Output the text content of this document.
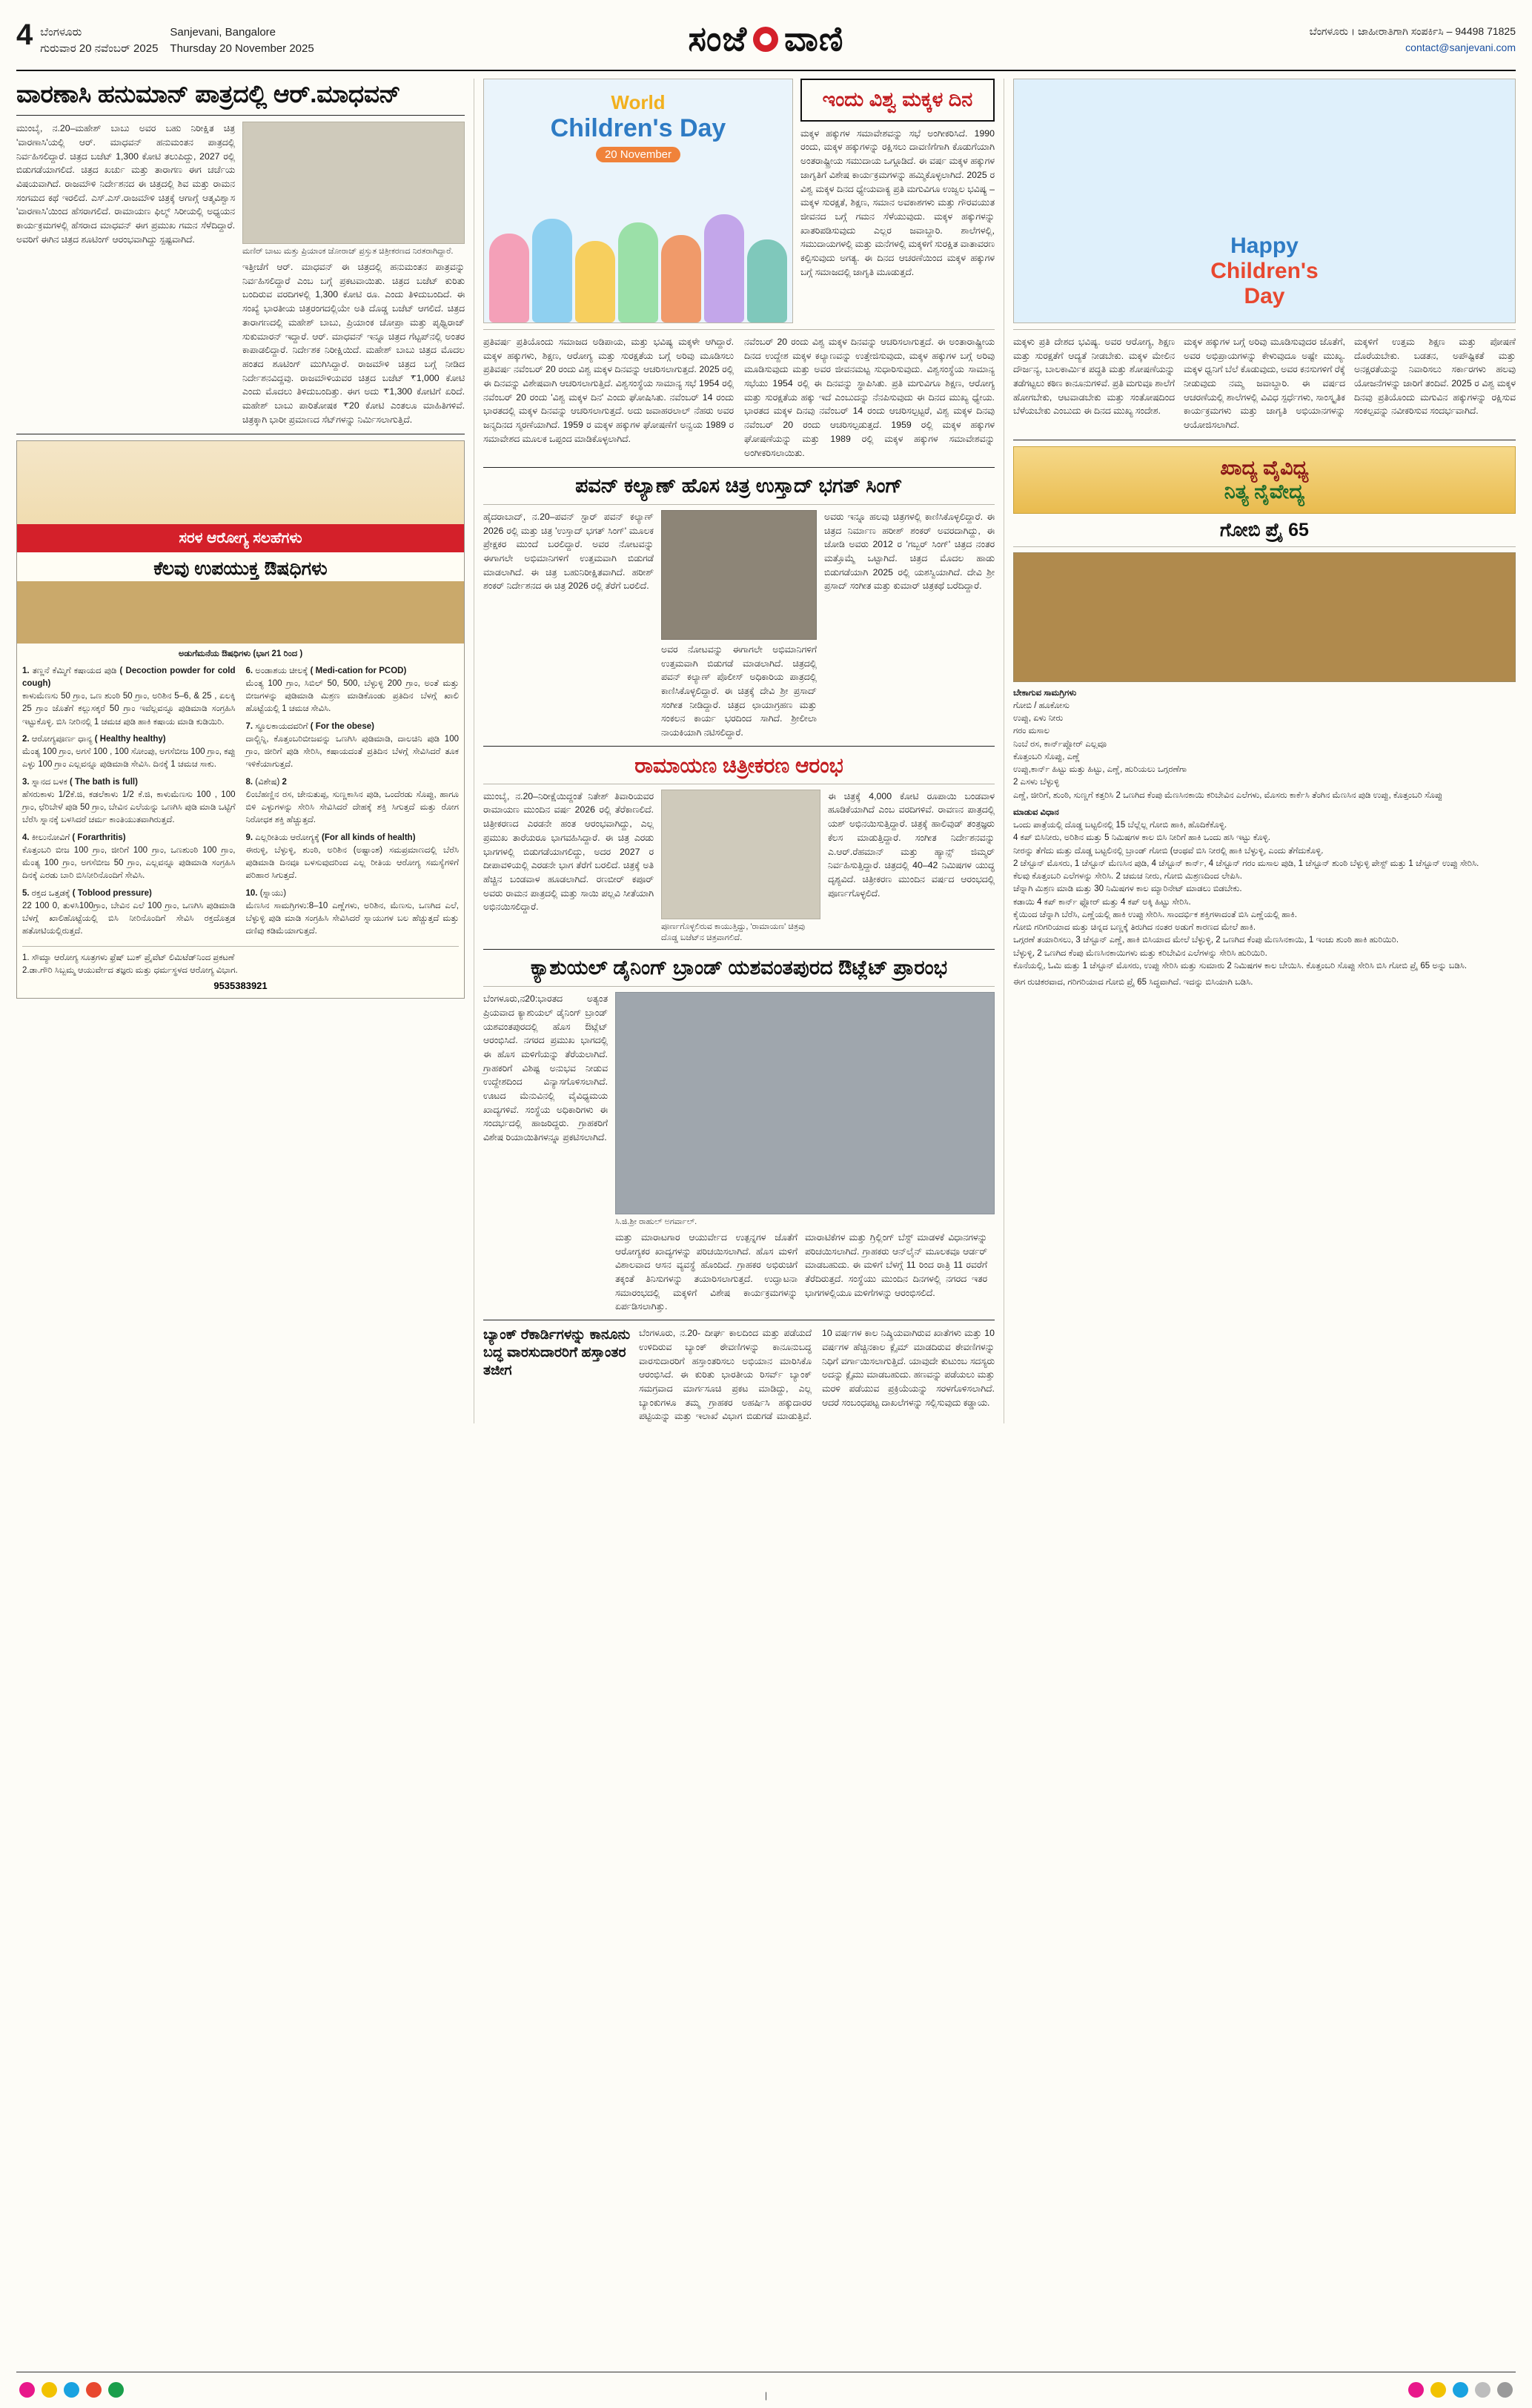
4 ಬೆಂಗಳೂರು
ಗುರುವಾರ 20 ನವೆಂಬರ್ 2025
Sanjevani, Bangalore
Thursday 20 November 2025	ಸಂಜೆ ವಾಣಿ	ಬೆಂಗಳೂರು । ಜಾಹೀರಾತಿಗಾಗಿ ಸಂಪರ್ಕಿಸಿ – 94498 71825
contact@sanjevani.com
ವಾರಣಾಸಿ ಹನುಮಾನ್ ಪಾತ್ರದಲ್ಲಿ ಆರ್.ಮಾಧವನ್
ಮುಂಬೈ, ನ.20–ಮಹೇಶ್ ಬಾಬು ಅವರ ಬಹು ನಿರೀಕ್ಷಿತ ಚಿತ್ರ 'ವಾರಣಾಸಿ'ಯಲ್ಲಿ ಆರ್. ಮಾಧವನ್ ಹನುಮಂತನ ಪಾತ್ರದಲ್ಲಿ ನಿರ್ವಹಿಸಲಿದ್ದಾರೆ. ಚಿತ್ರದ ಬಜೆಟ್ 1,300 ಕೋಟಿ ತಲುಪಿದ್ದು, 2027 ರಲ್ಲಿ ಬಿಡುಗಡೆಯಾಗಲಿದೆ. ಚಿತ್ರದ ಖರ್ಚು ಮತ್ತು ತಾರಾಗಣ ಈಗ ಚರ್ಚೆಯ ವಿಷಯವಾಗಿದೆ. ರಾಜಮೌಳಿ ನಿರ್ದೇಶನದ ಈ ಚಿತ್ರದಲ್ಲಿ ಶಿವ ಮತ್ತು ರಾಮನ ಸಂಗಮದ ಕಥೆ ಇರಲಿದೆ. ಎಸ್.ಎಸ್.ರಾಜಮೌಳಿ ಚಿತ್ರಕ್ಕೆ ಆಗಾಗ್ಗೆ ಆತ್ಮವಿಶ್ವಾಸ 'ವಾರಣಾಸಿ'ಯಿಂದ ಹೆಸರಾಗಲಿದೆ. ರಾಮಾಯಣ ಫಿಲ್ಮ್ ಸಿರೀಯಲ್ಲಿ ಅಧ್ಯಯನ ಕಾರ್ಯಕ್ರಮಗಳಲ್ಲಿ ಹೆಸರಾದ ಮಾಧವನ್ ಈಗ ಪ್ರಮುಖ ಗಮನ ಸೆಳೆದಿದ್ದಾರೆ. ಅವರಿಗೆ ಈಗಿನ ಚಿತ್ರದ ಶೂಟಿಂಗ್ ಆರಂಭವಾಗಿದ್ದು ಸ್ಪಷ್ಟವಾಗಿದೆ.
ಮಣಿರ್ ಬಾಟು ಮತ್ತು ಪ್ರಿಯಾಂಕ ಜೋರಾಜ್ ಪ್ರಸ್ತುತ ಚಿತ್ರೀಕರಣದ ನಿರತರಾಗಿದ್ದಾರೆ.
ಇತ್ತೀಚೆಗೆ ಆರ್. ಮಾಧವನ್ ಈ ಚಿತ್ರದಲ್ಲಿ ಹನುಮಂತನ ಪಾತ್ರವನ್ನು ನಿರ್ವಹಿಸಲಿದ್ದಾರೆ ಎಂಬ ಬಗ್ಗೆ ಪ್ರಕಟವಾಯಿತು. ಚಿತ್ರದ ಬಜೆಟ್ ಕುರಿತು ಬಂದಿರುವ ವರದಿಗಳಲ್ಲಿ 1,300 ಕೋಟಿ ರೂ. ಎಂದು ತಿಳಿದುಬಂದಿದೆ. ಈ ಸಂಖ್ಯೆ ಭಾರತೀಯ ಚಿತ್ರರಂಗದಲ್ಲಿಯೇ ಅತಿ ದೊಡ್ಡ ಬಜೆಟ್ ಆಗಲಿದೆ. ಚಿತ್ರದ ತಾರಾಗಣದಲ್ಲಿ ಮಹೇಶ್ ಬಾಬು, ಪ್ರಿಯಾಂಕ ಚೋಪ್ರಾ ಮತ್ತು ಪೃಥ್ವಿರಾಜ್ ಸುಕುಮಾರನ್ ಇದ್ದಾರೆ. ಆರ್. ಮಾಧವನ್ ಇನ್ನೂ ಚಿತ್ರದ ಗೆಟ್ಟಪ್‌ನಲ್ಲಿ ಅಂತರ ಕಾಪಾಡಲಿದ್ದಾರೆ. ನಿರ್ದೇಶಕ ನಿರೀಕ್ಷಿಯಿದೆ. ಮಹೇಶ್ ಬಾಬು ಚಿತ್ರದ ಮೊದಲ ಹಂತದ ಶೂಟಿಂಗ್ ಮುಗಿಸಿದ್ದಾರೆ. ರಾಜಮೌಳಿ ಚಿತ್ರದ ಬಗ್ಗೆ ನೀಡಿದ ನಿರ್ದೇಶನವಿದ್ದವು. ರಾಜಮೌಳಿಯವರ ಚಿತ್ರದ ಬಜೆಟ್ ₹1,000 ಕೋಟಿ ಎಂದು ಮೊದಲು ತಿಳಿದುಬಂದಿತ್ತು. ಈಗ ಅದು ₹1,300 ಕೋಟಿಗೆ ಏರಿದೆ. ಮಹೇಶ್ ಬಾಬು ಪಾರಿತೋಷಕ ₹20 ಕೋಟಿ ಎಂತಲೂ ಮಾಹಿತಿಗಳಿವೆ. ಚಿತ್ರಕ್ಕಾಗಿ ಭಾರೀ ಪ್ರಮಾಣದ ಸೆಟ್‌ಗಳನ್ನು ನಿರ್ಮಿಸಲಾಗುತ್ತಿದೆ.
ಸರಳ ಆರೋಗ್ಯ ಸಲಹೆಗಳು
ಕೆಲವು ಉಪಯುಕ್ತ ಔಷಧಿಗಳು
ಅಡುಗೆಮನೆಯ ಔಷಧಿಗಳು (ಭಾಗ 21 ರಿಂದ )
1. ತಣ್ಣನೆ ಕೆಮ್ಮಿಗೆ ಕಷಾಯದ ಪುಡಿ ( Decoction powder for cold cough)
ಕಾಳುಮೆಣಸು 50 ಗ್ರಾಂ, ಒಣ ಶುಂಠಿ 50 ಗ್ರಾಂ, ಅರಿಶಿನ 5–6, & 25 , ಏಲಕ್ಕಿ 25 ಗ್ರಾಂ ಜೊತೆಗೆ ಕಲ್ಲುಸಕ್ಕರೆ 50 ಗ್ರಾಂ ಇವೆಲ್ಲವನ್ನೂ ಪುಡಿಮಾಡಿ ಸಂಗ್ರಹಿಸಿ ಇಟ್ಟುಕೊಳ್ಳಿ. ಬಿಸಿ ನೀರಿನಲ್ಲಿ 1 ಚಮಚ ಪುಡಿ ಹಾಕಿ ಕಷಾಯ ಮಾಡಿ ಕುಡಿಯಿರಿ.
2. ಆರೋಗ್ಯಪೂರ್ಣ ಧಾನ್ಯ ( Healthy healthy)
ಮೆಂತ್ಯ 100 ಗ್ರಾಂ, ಅಗಸೆ 100 , 100 ಸೋಂಪು, ಅಗಸೆಬೀಜ 100 ಗ್ರಾಂ, ಕಪ್ಪು ಎಳ್ಳು 100 ಗ್ರಾಂ ಎಲ್ಲವನ್ನೂ ಪುಡಿಮಾಡಿ ಸೇವಿಸಿ. ದಿನಕ್ಕೆ 1 ಚಮಚ ಸಾಕು.
3. ಸ್ನಾನದ ಬಳಕ ( The bath is full)
ಹೆಸರುಕಾಳು 1/2ಕೆ.ಜಿ, ಕಡಲೆಕಾಳು 1/2 ಕೆ.ಜಿ, ಕಾಳುಮೆಣಸು 100 , 100 ಗ್ರಾಂ, ಛೆರಿಬೇಳೆ ಪುಡಿ 50 ಗ್ರಾಂ, ಬೇವಿನ ಎಲೆಯನ್ನು ಒಣಗಿಸಿ ಪುಡಿ ಮಾಡಿ ಒಟ್ಟಿಗೆ ಬೆರೆಸಿ ಸ್ನಾನಕ್ಕೆ ಬಳಸಿದರೆ ಚರ್ಮ ಕಾಂತಿಯುತವಾಗಿರುತ್ತದೆ.
4. ಕೀಲುನೋವಿಗೆ ( Forarthritis)
ಕೊತ್ತಂಬರಿ ಬೀಜ 100 ಗ್ರಾಂ, ಜೀರಿಗೆ 100 ಗ್ರಾಂ, ಒಣಶುಂಠಿ 100 ಗ್ರಾಂ, ಮೆಂತ್ಯ 100 ಗ್ರಾಂ, ಅಗಸೆಬೀಜ 50 ಗ್ರಾಂ, ಎಲ್ಲವನ್ನೂ ಪುಡಿಮಾಡಿ ಸಂಗ್ರಹಿಸಿ ದಿನಕ್ಕೆ ಎರಡು ಬಾರಿ ಬಿಸಿನೀರಿನೊಂದಿಗೆ ಸೇವಿಸಿ.
5. ರಕ್ತದ ಒತ್ತಡಕ್ಕೆ ( Toblood pressure)
22 100 0, ತುಳಸಿ100ಗ್ರಾಂ, ಬೇವಿನ ಎಲೆ 100 ಗ್ರಾಂ, ಒಣಗಿಸಿ ಪುಡಿಮಾಡಿ ಬೆಳಗ್ಗೆ ಖಾಲಿಹೊಟ್ಟೆಯಲ್ಲಿ ಬಿಸಿ ನೀರಿನೊಂದಿಗೆ ಸೇವಿಸಿ ರಕ್ತದೊತ್ತಡ ಹತೋಟಿಯಲ್ಲಿರುತ್ತದೆ.
6. ಅಂಡಾಶಯ ಚೀಲಕ್ಕೆ ( Medi-cation for PCOD)
ಮೆಂತ್ಯ 100 ಗ್ರಾಂ, ಸಿಬಿಲ್ 50, 500, ಬೆಳ್ಳುಳ್ಳಿ 200 ಗ್ರಾಂ, ಅಂತೆ ಮತ್ತು ಬೀಜಗಳನ್ನು ಪುಡಿಮಾಡಿ ಮಿಶ್ರಣ ಮಾಡಿಕೊಂಡು ಪ್ರತಿದಿನ ಬೆಳಗ್ಗೆ ಖಾಲಿ ಹೊಟ್ಟೆಯಲ್ಲಿ 1 ಚಮಚ ಸೇವಿಸಿ.
7. ಸ್ಥೂಲಕಾಯದವರಿಗೆ ( For the obese)
ದಾಲ್ಚಿನ್ನಿ, ಕೊತ್ತಂಬರಿಬೀಜವನ್ನು ಒಣಗಿಸಿ ಪುಡಿಮಾಡಿ, ದಾಲಚಿನಿ ಪುಡಿ 100 ಗ್ರಾಂ, ಜೀರಿಗೆ ಪುಡಿ ಸೇರಿಸಿ, ಕಷಾಯದಂತೆ ಪ್ರತಿದಿನ ಬೆಳಗ್ಗೆ ಸೇವಿಸಿದರೆ ತೂಕ ಇಳಿಕೆಯಾಗುತ್ತದೆ.
8. (ವಿಶೇಷ) 2
ಲಿಂಬೆಹಣ್ಣಿನ ರಸ, ಜೇನುತುಪ್ಪ, ಸುಣ್ಣಕಾಸಿನ ಪುಡಿ, ಒಂದೆರಡು ಸೊಪ್ಪು, ಹಾಗೂ ಬಿಳಿ ಎಳ್ಳುಗಳನ್ನು ಸೇರಿಸಿ ಸೇವಿಸಿದರೆ ದೇಹಕ್ಕೆ ಶಕ್ತಿ ಸಿಗುತ್ತದೆ ಮತ್ತು ರೋಗ ನಿರೋಧಕ ಶಕ್ತಿ ಹೆಚ್ಚುತ್ತದೆ.
9. ಎಲ್ಲರೀತಿಯ ಆರೋಗ್ಯಕ್ಕೆ (For all kinds of health)
ಈರುಳ್ಳಿ, ಬೆಳ್ಳುಳ್ಳಿ, ಶುಂಠಿ, ಅರಿಶಿನ (ಅಷ್ಟಾಂಶ) ಸಮಪ್ರಮಾಣದಲ್ಲಿ ಬೆರೆಸಿ ಪುಡಿಮಾಡಿ ದಿನವೂ ಬಳಸುವುದರಿಂದ ಎಲ್ಲ ರೀತಿಯ ಆರೋಗ್ಯ ಸಮಸ್ಯೆಗಳಿಗೆ ಪರಿಹಾರ ಸಿಗುತ್ತದೆ.
10. (ಸ್ನಾಯು)
ಮೆಣಸಿನ ಸಾಮಗ್ರಿಗಳು:8–10 ಎಣ್ಣೆಗಳು, ಅರಿಶಿನ, ಮೆಣಸು, ಒಣಗಿದ ಎಲೆ, ಬೆಳ್ಳುಳ್ಳಿ ಪುಡಿ ಮಾಡಿ ಸಂಗ್ರಹಿಸಿ ಸೇವಿಸಿದರೆ ಸ್ನಾಯುಗಳ ಬಲ ಹೆಚ್ಚುತ್ತದೆ ಮತ್ತು ದಣಿವು ಕಡಿಮೆಯಾಗುತ್ತದೆ.
1. ಸೌಮ್ಯಾ ಆರೋಗ್ಯ ಸೂತ್ರಗಳು ಫ್ರೆಷ್ ಬುಕ್ ಪ್ರೈವೆಟ್ ಲಿಮಿಟೆಡ್‌ನಿಂದ ಪ್ರಕಟಣೆ
2.ಡಾ.ಗೌರಿ ಸಿಬ್ಬಮ್ಮ ಆಯುರ್ವೇದ ತಜ್ಞರು ಮತ್ತು ಧರ್ಮಸ್ಥಳದ ಆರೋಗ್ಯ ವಿಭಾಗ.
9535383921
World
Children's Day
20 November
ಇಂದು ವಿಶ್ವ ಮಕ್ಕಳ ದಿನ
ಮಕ್ಕಳ ಹಕ್ಕುಗಳ ಸಮಾವೇಶವನ್ನು ಸಭೆ ಅಂಗೀಕರಿಸಿದೆ. 1990 ರಂದು, ಮಕ್ಕಳ ಹಕ್ಕುಗಳನ್ನು ರಕ್ಷಿಸಲು ದಾವಣಿಗೆಗಾಗಿ ಕೊಡುಗೆಯಾಗಿ ಅಂತರಾಷ್ಟ್ರೀಯ ಸಮುದಾಯ ಒಗ್ಗೂಡಿದೆ. ಈ ವರ್ಷ ಮಕ್ಕಳ ಹಕ್ಕುಗಳ ಜಾಗೃತಿಗೆ ವಿಶೇಷ ಕಾರ್ಯಕ್ರಮಗಳನ್ನು ಹಮ್ಮಿಕೊಳ್ಳಲಾಗಿದೆ. 2025 ರ ವಿಶ್ವ ಮಕ್ಕಳ ದಿನದ ಧ್ಯೇಯವಾಕ್ಯ ಪ್ರತಿ ಮಗುವಿಗೂ ಉಜ್ವಲ ಭವಿಷ್ಯ – ಮಕ್ಕಳ ಸುರಕ್ಷತೆ, ಶಿಕ್ಷಣ, ಸಮಾನ ಅವಕಾಶಗಳು ಮತ್ತು ಗೌರವಯುತ ಜೀವನದ ಬಗ್ಗೆ ಗಮನ ಸೆಳೆಯುವುದು. ಮಕ್ಕಳ ಹಕ್ಕುಗಳನ್ನು ಖಾತರಿಪಡಿಸುವುದು ಎಲ್ಲರ ಜವಾಬ್ದಾರಿ. ಶಾಲೆಗಳಲ್ಲಿ, ಸಮುದಾಯಗಳಲ್ಲಿ ಮತ್ತು ಮನೆಗಳಲ್ಲಿ ಮಕ್ಕಳಿಗೆ ಸುರಕ್ಷಿತ ವಾತಾವರಣ ಕಲ್ಪಿಸುವುದು ಅಗತ್ಯ. ಈ ದಿನದ ಆಚರಣೆಯಿಂದ ಮಕ್ಕಳ ಹಕ್ಕುಗಳ ಬಗ್ಗೆ ಸಮಾಜದಲ್ಲಿ ಜಾಗೃತಿ ಮೂಡುತ್ತದೆ.
ಪ್ರತಿವರ್ಷ ಪ್ರತಿಯೊಂದು ಸಮಾಜದ ಅಡಿಪಾಯ, ಮತ್ತು ಭವಿಷ್ಯ ಮಕ್ಕಳೇ ಆಗಿದ್ದಾರೆ. ಮಕ್ಕಳ ಹಕ್ಕುಗಳು, ಶಿಕ್ಷಣ, ಆರೋಗ್ಯ ಮತ್ತು ಸುರಕ್ಷತೆಯ ಬಗ್ಗೆ ಅರಿವು ಮೂಡಿಸಲು ಪ್ರತಿವರ್ಷ ನವೆಂಬರ್ 20 ರಂದು ವಿಶ್ವ ಮಕ್ಕಳ ದಿನವನ್ನು ಆಚರಿಸಲಾಗುತ್ತದೆ. 2025 ರಲ್ಲಿ ಈ ದಿನವನ್ನು ವಿಶೇಷವಾಗಿ ಆಚರಿಸಲಾಗುತ್ತಿದೆ. ವಿಶ್ವಸಂಸ್ಥೆಯ ಸಾಮಾನ್ಯ ಸಭೆ 1954 ರಲ್ಲಿ ನವೆಂಬರ್ 20 ರಂದು 'ವಿಶ್ವ ಮಕ್ಕಳ ದಿನ' ಎಂದು ಘೋಷಿಸಿತು. ನವೆಂಬರ್ 14 ರಂದು ಭಾರತದಲ್ಲಿ ಮಕ್ಕಳ ದಿನವನ್ನು ಆಚರಿಸಲಾಗುತ್ತದೆ. ಅದು ಜವಾಹರಲಾಲ್ ನೆಹರು ಅವರ ಜನ್ಮದಿನದ ಸ್ಮರಣೆಯಾಗಿದೆ. 1959 ರ ಮಕ್ಕಳ ಹಕ್ಕುಗಳ ಘೋಷಣೆಗೆ ಅನ್ವಯ 1989 ರ ಸಮಾವೇಶದ ಮೂಲಕ ಒಪ್ಪಂದ ಮಾಡಿಕೊಳ್ಳಲಾಗಿದೆ.
ನವೆಂಬರ್ 20 ರಂದು ವಿಶ್ವ ಮಕ್ಕಳ ದಿನವನ್ನು ಆಚರಿಸಲಾಗುತ್ತದೆ. ಈ ಅಂತಾರಾಷ್ಟ್ರೀಯ ದಿನದ ಉದ್ದೇಶ ಮಕ್ಕಳ ಕಲ್ಯಾಣವನ್ನು ಉತ್ತೇಜಿಸುವುದು, ಮಕ್ಕಳ ಹಕ್ಕುಗಳ ಬಗ್ಗೆ ಅರಿವು ಮೂಡಿಸುವುದು ಮತ್ತು ಅವರ ಜೀವನಮಟ್ಟ ಸುಧಾರಿಸುವುದು. ವಿಶ್ವಸಂಸ್ಥೆಯ ಸಾಮಾನ್ಯ ಸಭೆಯು 1954 ರಲ್ಲಿ ಈ ದಿನವನ್ನು ಸ್ಥಾಪಿಸಿತು. ಪ್ರತಿ ಮಗುವಿಗೂ ಶಿಕ್ಷಣ, ಆರೋಗ್ಯ ಮತ್ತು ಸುರಕ್ಷತೆಯ ಹಕ್ಕು ಇದೆ ಎಂಬುದನ್ನು ನೆನಪಿಸುವುದು ಈ ದಿನದ ಮುಖ್ಯ ಧ್ಯೇಯ. ಭಾರತದ ಮಕ್ಕಳ ದಿನವು ನವೆಂಬರ್ 14 ರಂದು ಆಚರಿಸಲ್ಪಟ್ಟರೆ, ವಿಶ್ವ ಮಕ್ಕಳ ದಿನವು ನವೆಂಬರ್ 20 ರಂದು ಆಚರಿಸಲ್ಪಡುತ್ತದೆ. 1959 ರಲ್ಲಿ ಮಕ್ಕಳ ಹಕ್ಕುಗಳ ಘೋಷಣೆಯನ್ನು ಮತ್ತು 1989 ರಲ್ಲಿ ಮಕ್ಕಳ ಹಕ್ಕುಗಳ ಸಮಾವೇಶವನ್ನು ಅಂಗೀಕರಿಸಲಾಯಿತು.
ಪವನ್ ಕಲ್ಯಾಣ್ ಹೊಸ ಚಿತ್ರ ಉಸ್ತಾದ್ ಭಗತ್ ಸಿಂಗ್
ಹೈದರಾಬಾದ್, ನ.20–ಪವನ್ ಸ್ಟಾರ್ ಪವನ್ ಕಲ್ಯಾಣ್ 2026 ರಲ್ಲಿ ಮತ್ತು ಚಿತ್ರ 'ಉಸ್ತಾದ್ ಭಗತ್ ಸಿಂಗ್' ಮೂಲಕ ಪ್ರೇಕ್ಷಕರ ಮುಂದೆ ಬರಲಿದ್ದಾರೆ. ಅವರ ನೋಟವನ್ನು ಈಗಾಗಲೇ ಅಭಿಮಾನಿಗಳಿಗೆ ಉತ್ತಮವಾಗಿ ಬಿಡುಗಡೆ ಮಾಡಲಾಗಿದೆ. ಈ ಚಿತ್ರ ಬಹುನಿರೀಕ್ಷಿತವಾಗಿದೆ. ಹರೀಶ್ ಶಂಕರ್ ನಿರ್ದೇಶನದ ಈ ಚಿತ್ರ 2026 ರಲ್ಲಿ ತೆರೆಗೆ ಬರಲಿದೆ.
ಅವರ ನೋಟವನ್ನು ಈಗಾಗಲೇ ಅಭಿಮಾನಿಗಳಿಗೆ ಉತ್ತಮವಾಗಿ ಬಿಡುಗಡೆ ಮಾಡಲಾಗಿದೆ. ಚಿತ್ರದಲ್ಲಿ ಪವನ್ ಕಲ್ಯಾಣ್ ಪೊಲೀಸ್ ಅಧಿಕಾರಿಯ ಪಾತ್ರದಲ್ಲಿ ಕಾಣಿಸಿಕೊಳ್ಳಲಿದ್ದಾರೆ. ಈ ಚಿತ್ರಕ್ಕೆ ದೇವಿ ಶ್ರೀ ಪ್ರಸಾದ್ ಸಂಗೀತ ನೀಡಿದ್ದಾರೆ. ಚಿತ್ರದ ಛಾಯಾಗ್ರಹಣ ಮತ್ತು ಸಂಕಲನ ಕಾರ್ಯ ಭರದಿಂದ ಸಾಗಿದೆ. ಶ್ರೀಲೀಲಾ ನಾಯಕಿಯಾಗಿ ನಟಿಸಲಿದ್ದಾರೆ.
ಅವರು ಇನ್ನೂ ಹಲವು ಚಿತ್ರಗಳಲ್ಲಿ ಕಾಣಿಸಿಕೊಳ್ಳಲಿದ್ದಾರೆ. ಈ ಚಿತ್ರದ ನಿರ್ಮಾಣ ಹರೀಶ್ ಶಂಕರ್ ಅವರದಾಗಿದ್ದು, ಈ ಜೋಡಿ ಅವರು 2012 ರ 'ಗಬ್ಬರ್ ಸಿಂಗ್' ಚಿತ್ರದ ನಂತರ ಮತ್ತೊಮ್ಮೆ ಒಟ್ಟಾಗಿದೆ. ಚಿತ್ರದ ಮೊದಲ ಹಾಡು ಬಿಡುಗಡೆಯಾಗಿ 2025 ರಲ್ಲಿ ಯಶಸ್ವಿಯಾಗಿದೆ. ದೇವಿ ಶ್ರೀ ಪ್ರಸಾದ್ ಸಂಗೀತ ಮತ್ತು ಕುಮಾರ್ ಚಿತ್ರಕಥೆ ಬರೆದಿದ್ದಾರೆ.
ರಾಮಾಯಣ ಚಿತ್ರೀಕರಣ ಆರಂಭ
ಮುಂಬೈ, ನ.20–ನಿರೀಕ್ಷೆಯಿದ್ದಂತೆ ನಿತೇಶ್ ತಿವಾರಿಯವರ ರಾಮಾಯಣ ಮುಂದಿನ ವರ್ಷ 2026 ರಲ್ಲಿ ತೆರೆಕಾಣಲಿದೆ. ಚಿತ್ರೀಕರಣದ ಎರಡನೇ ಹಂತ ಆರಂಭವಾಗಿದ್ದು, ಎಲ್ಲ ಪ್ರಮುಖ ತಾರೆಯರೂ ಭಾಗವಹಿಸಿದ್ದಾರೆ. ಈ ಚಿತ್ರ ಎರಡು ಭಾಗಗಳಲ್ಲಿ ಬಿಡುಗಡೆಯಾಗಲಿದ್ದು, ಅದರ 2027 ರ ದೀಪಾವಳಿಯಲ್ಲಿ ಎರಡನೇ ಭಾಗ ತೆರೆಗೆ ಬರಲಿದೆ. ಚಿತ್ರಕ್ಕೆ ಅತಿ ಹೆಚ್ಚಿನ ಬಂಡವಾಳ ಹೂಡಲಾಗಿದೆ. ರಣಬೀರ್ ಕಪೂರ್ ಅವರು ರಾಮನ ಪಾತ್ರದಲ್ಲಿ ಮತ್ತು ಸಾಯಿ ಪಲ್ಲವಿ ಸೀತೆಯಾಗಿ ಅಭಿನಯಿಸಲಿದ್ದಾರೆ.
ಪೂರ್ಣಗೊಳ್ಳಲಿರುವ ಕಾಯುತ್ತಿದ್ದು, 'ರಾಮಾಯಣ' ಚಿತ್ರವು ದೊಡ್ಡ ಬಜೆಟ್‌ನ ಚಿತ್ರವಾಗಲಿದೆ.
ಈ ಚಿತ್ರಕ್ಕೆ 4,000 ಕೋಟಿ ರೂಪಾಯಿ ಬಂಡವಾಳ ಹೂಡಿಕೆಯಾಗಿದೆ ಎಂಬ ವರದಿಗಳಿವೆ. ರಾವಣನ ಪಾತ್ರದಲ್ಲಿ ಯಶ್ ಅಭಿನಯಿಸುತ್ತಿದ್ದಾರೆ. ಚಿತ್ರಕ್ಕೆ ಹಾಲಿವುಡ್ ತಂತ್ರಜ್ಞರು ಕೆಲಸ ಮಾಡುತ್ತಿದ್ದಾರೆ. ಸಂಗೀತ ನಿರ್ದೇಶನವನ್ನು ಎ.ಆರ್.ರೆಹಮಾನ್ ಮತ್ತು ಹ್ಯಾನ್ಸ್ ಜಿಮ್ಮರ್ ನಿರ್ವಹಿಸುತ್ತಿದ್ದಾರೆ. ಚಿತ್ರದಲ್ಲಿ 40–42 ನಿಮಿಷಗಳ ಯುದ್ಧ ದೃಶ್ಯವಿದೆ. ಚಿತ್ರೀಕರಣ ಮುಂದಿನ ವರ್ಷದ ಆರಂಭದಲ್ಲಿ ಪೂರ್ಣಗೊಳ್ಳಲಿದೆ.
ಕ್ಯಾಶುಯಲ್ ಡೈನಿಂಗ್ ಬ್ರಾಂಡ್ ಯಶವಂತಪುರದ ಔಟ್ಲೆಟ್ ಪ್ರಾರಂಭ
ಬೆಂಗಳೂರು,ನ20:ಭಾರತದ ಅತ್ಯಂತ ಪ್ರಿಯವಾದ ಕ್ಯಾಶುಯಲ್ ಡೈನಿಂಗ್ ಬ್ರಾಂಡ್ ಯಶವಂತಪುರದಲ್ಲಿ ಹೊಸ ಔಟ್ಲೆಟ್ ಆರಂಭಿಸಿದೆ. ನಗರದ ಪ್ರಮುಖ ಭಾಗದಲ್ಲಿ ಈ ಹೊಸ ಮಳಿಗೆಯನ್ನು ತೆರೆಯಲಾಗಿದೆ. ಗ್ರಾಹಕರಿಗೆ ವಿಶಿಷ್ಟ ಅನುಭವ ನೀಡುವ ಉದ್ದೇಶದಿಂದ ವಿನ್ಯಾಸಗೊಳಿಸಲಾಗಿದೆ. ಊಟದ ಮೆನುವಿನಲ್ಲಿ ವೈವಿಧ್ಯಮಯ ಖಾದ್ಯಗಳಿವೆ. ಸಂಸ್ಥೆಯ ಅಧಿಕಾರಿಗಳು ಈ ಸಂದರ್ಭದಲ್ಲಿ ಹಾಜರಿದ್ದರು. ಗ್ರಾಹಕರಿಗೆ ವಿಶೇಷ ರಿಯಾಯಿತಿಗಳನ್ನೂ ಪ್ರಕಟಿಸಲಾಗಿದೆ.
ಸಿ.ಜಿ.ಶ್ರೀ ರಾಹುಲ್ ಅಗರ್ವಾಲ್.
ಮತ್ತು ಮಾರಾಟಗಾರ ಆಯುರ್ವೇದ ಉತ್ಪನ್ನಗಳ ಜೊತೆಗೆ ಆರೋಗ್ಯಕರ ಖಾದ್ಯಗಳನ್ನು ಪರಿಚಯಿಸಲಾಗಿದೆ. ಹೊಸ ಮಳಿಗೆ ವಿಶಾಲವಾದ ಆಸನ ವ್ಯವಸ್ಥೆ ಹೊಂದಿದೆ. ಗ್ರಾಹಕರ ಅಭಿರುಚಿಗೆ ತಕ್ಕಂತೆ ತಿನಿಸುಗಳನ್ನು ತಯಾರಿಸಲಾಗುತ್ತದೆ. ಉದ್ಘಾಟನಾ ಸಮಾರಂಭದಲ್ಲಿ ಮಕ್ಕಳಿಗೆ ವಿಶೇಷ ಕಾರ್ಯಕ್ರಮಗಳನ್ನು ಏರ್ಪಡಿಸಲಾಗಿತ್ತು.
ಮಾರಾಟಿಕೆಗಳ ಮತ್ತು ಗ್ರಿಲ್ಲಿಂಗ್ ಬೆಸ್ಟ್ ಮಾಡಳಕೆ ವಿಧಾನಗಳನ್ನು ಪರಿಚಯಿಸಲಾಗಿದೆ. ಗ್ರಾಹಕರು ಆನ್‌ಲೈನ್ ಮೂಲಕವೂ ಆರ್ಡರ್ ಮಾಡಬಹುದು. ಈ ಮಳಿಗೆ ಬೆಳಗ್ಗೆ 11 ರಿಂದ ರಾತ್ರಿ 11 ರವರೆಗೆ ತೆರೆದಿರುತ್ತದೆ. ಸಂಸ್ಥೆಯು ಮುಂದಿನ ದಿನಗಳಲ್ಲಿ ನಗರದ ಇತರ ಭಾಗಗಳಲ್ಲಿಯೂ ಮಳಿಗೆಗಳನ್ನು ಆರಂಭಿಸಲಿದೆ.
ಬ್ಯಾಂಕ್ ರೆಕಾರ್ಡಿಗಳನ್ನು ಕಾನೂನು ಬದ್ಧ ವಾರಸುದಾರರಿಗೆ ಹಸ್ತಾಂತರ ತಜೀಗ
ಬೆಂಗಳೂರು, ನ.20- ದೀರ್ಘ ಕಾಲದಿಂದ ಮತ್ತು ಪಡೆಯದೆ ಉಳಿದಿರುವ ಬ್ಯಾಂಕ್ ಠೇವಣಿಗಳನ್ನು ಕಾನೂನುಬದ್ಧ ವಾರಸುದಾರರಿಗೆ ಹಸ್ತಾಂತರಿಸಲು ಅಭಿಯಾನ ಮಾರಿಸಿಕೊ ಆರಂಭಿಸಿದೆ. ಈ ಕುರಿತು ಭಾರತೀಯ ರಿಸರ್ವ್ ಬ್ಯಾಂಕ್ ಸಮಗ್ರವಾದ ಮಾರ್ಗಸೂಚಿ ಪ್ರಕಟ ಮಾಡಿದ್ದು, ಎಲ್ಲ ಬ್ಯಾಂಕುಗಳೂ ತಮ್ಮ ಗ್ರಾಹಕರ ಅಹರ್ಷಿಸಿ ಹಕ್ಕುದಾರರ ಪಟ್ಟಿಯನ್ನು ಮತ್ತು ಇಲಾಖೆ ವಿಭಾಗ ಬಿಡುಗಡೆ ಮಾಡುತ್ತಿವೆ. 10 ವರ್ಷಗಳ ಕಾಲ ನಿಷ್ಕ್ರಿಯವಾಗಿರುವ ಖಾತೆಗಳು ಮತ್ತು 10 ವರ್ಷಗಳ ಹೆಚ್ಚಿನಕಾಲ ಕ್ಲೈಮ್ ಮಾಡದಿರುವ ಠೇವಣಿಗಳನ್ನು ನಿಧಿಗೆ ವರ್ಗಾಯಿಸಲಾಗುತ್ತಿದೆ. ಯಾವುದೇ ಕುಟುಂಬ ಸದಸ್ಯರು ಅದನ್ನು ಕ್ಲೈಮು ಮಾಡಬಹುದು. ಹಣವನ್ನು ಪಡೆಯಲು ಮತ್ತು ಮರಳಿ ಪಡೆಯುವ ಪ್ರಕ್ರಿಯೆಯನ್ನು ಸರಳಗೊಳಿಸಲಾಗಿದೆ. ಆದರೆ ಸಂಬಂಧಪಟ್ಟ ದಾಖಲೆಗಳನ್ನು ಸಲ್ಲಿಸುವುದು ಕಡ್ಡಾಯ.
Happy
Children's
Day
ಮಕ್ಕಳು ಪ್ರತಿ ದೇಶದ ಭವಿಷ್ಯ. ಅವರ ಆರೋಗ್ಯ, ಶಿಕ್ಷಣ ಮತ್ತು ಸುರಕ್ಷತೆಗೆ ಆದ್ಯತೆ ನೀಡಬೇಕು. ಮಕ್ಕಳ ಮೇಲಿನ ದೌರ್ಜನ್ಯ, ಬಾಲಕಾರ್ಮಿಕ ಪದ್ಧತಿ ಮತ್ತು ಶೋಷಣೆಯನ್ನು ತಡೆಗಟ್ಟಲು ಕಠಿಣ ಕಾನೂನುಗಳಿವೆ. ಪ್ರತಿ ಮಗುವೂ ಶಾಲೆಗೆ ಹೋಗಬೇಕು, ಆಟವಾಡಬೇಕು ಮತ್ತು ಸಂತೋಷದಿಂದ ಬೆಳೆಯಬೇಕು ಎಂಬುದು ಈ ದಿನದ ಮುಖ್ಯ ಸಂದೇಶ.
ಮಕ್ಕಳ ಹಕ್ಕುಗಳ ಬಗ್ಗೆ ಅರಿವು ಮೂಡಿಸುವುದರ ಜೊತೆಗೆ, ಅವರ ಅಭಿಪ್ರಾಯಗಳನ್ನು ಕೇಳುವುದೂ ಅಷ್ಟೇ ಮುಖ್ಯ. ಮಕ್ಕಳ ಧ್ವನಿಗೆ ಬೆಲೆ ಕೊಡುವುದು, ಅವರ ಕನಸುಗಳಿಗೆ ರೆಕ್ಕೆ ನೀಡುವುದು ನಮ್ಮ ಜವಾಬ್ದಾರಿ. ಈ ವರ್ಷದ ಆಚರಣೆಯಲ್ಲಿ ಶಾಲೆಗಳಲ್ಲಿ ವಿವಿಧ ಸ್ಪರ್ಧೆಗಳು, ಸಾಂಸ್ಕೃತಿಕ ಕಾರ್ಯಕ್ರಮಗಳು ಮತ್ತು ಜಾಗೃತಿ ಅಭಿಯಾನಗಳನ್ನು ಆಯೋಜಿಸಲಾಗಿದೆ.
ಮಕ್ಕಳಿಗೆ ಉತ್ತಮ ಶಿಕ್ಷಣ ಮತ್ತು ಪೋಷಣೆ ದೊರೆಯಬೇಕು. ಬಡತನ, ಅಪೌಷ್ಟಿಕತೆ ಮತ್ತು ಅನಕ್ಷರತೆಯನ್ನು ನಿವಾರಿಸಲು ಸರ್ಕಾರಗಳು ಹಲವು ಯೋಜನೆಗಳನ್ನು ಜಾರಿಗೆ ತಂದಿವೆ. 2025 ರ ವಿಶ್ವ ಮಕ್ಕಳ ದಿನವು ಪ್ರತಿಯೊಂದು ಮಗುವಿನ ಹಕ್ಕುಗಳನ್ನು ರಕ್ಷಿಸುವ ಸಂಕಲ್ಪವನ್ನು ನವೀಕರಿಸುವ ಸಂದರ್ಭವಾಗಿದೆ.
ಖಾದ್ಯ ವೈವಿಧ್ಯ
ನಿತ್ಯ ನೈವೇದ್ಯ
ಗೋಬಿ ಪ್ರೈ 65
ಬೇಕಾಗುವ ಸಾಮಗ್ರಿಗಳು
ಗೋಬಿ / ಹೂಕೋಸು
ಉಪ್ಪು, ಏಳು ನೀರು
ಗರಂ ಮಸಾಲ
ನಿಂಬೆ ರಸ, ಕಾರ್ನ್‌ಪ್ಲೋರ್ ಎಲ್ಲವೂ
ಕೊತ್ತಂಬರಿ ಸೊಪ್ಪು, ಎಣ್ಣೆ
ಉಪ್ಪು,ಕಾರ್ನ್ ಹಿಟ್ಟು ಮತ್ತು ಹಿಟ್ಟು, ಎಣ್ಣೆ, ಹುರಿಯಲು ಒಗ್ಗರಣೆಗಾ
2 ಎಸಳು ಬೆಳ್ಳುಳ್ಳಿ
ಎಣ್ಣೆ, ಜೀರಿಗೆ, ಶುಂಠಿ, ಸುಣ್ಣಗೆ ಕತ್ತರಿಸಿ 2 ಒಣಗಿದ ಕೆಂಪು ಮೆಣಸಿನಕಾಯಿ ಕರಿಬೇವಿನ ಎಲೆಗಳು, ಮೊಸರು ಕಾರ್ಕೆಸಿ ತೆಂಗಿನ ಮೆಣಸಿನ ಪುಡಿ ಉಪ್ಪು, ಕೊತ್ತಂಬರಿ ಸೊಪ್ಪು
ಮಾಡುವ ವಿಧಾನ
ಒಂದು ಪಾತ್ರೆಯಲ್ಲಿ ದೊಡ್ಡ ಬಟ್ಟಲಿನಲ್ಲಿ 15 ಬೆಲ್ಲೆಲ್ಲ ಗೋಬಿ ಹಾಕಿ, ಹೊದಿಕೆಕೊಳ್ಳಿ.
4 ಕಪ್ ಬಿಸಿನೀರು, ಅರಿಶಿನ ಮತ್ತು 5 ನಿಮಿಷಗಳ ಕಾಲ ಬಿಸಿ ನೀರಿಗೆ ಹಾಕಿ ಒಂದು ಹಸಿ ಇಟ್ಟು ಕೊಳ್ಳಿ.
ನೀರನ್ನು ತೆಗೆದು ಮತ್ತು ದೊಡ್ಡ ಬಟ್ಟಲಿನಲ್ಲಿ ಬ್ರಾಂಡ್ ಗೋಬಿ (ಆಂಥವೆ ಬಿಸಿ ನೀರಲ್ಲಿ ಹಾಕಿ ಬೆಳ್ಳುಳ್ಳಿ, ಎಂದು ತೆಗೆದುಕೊಳ್ಳಿ.
2 ಚೆಸ್ಟೂನ್ ಮೊಸರು, 1 ಚೆಸ್ಟೂನ್ ಮೆಣಸಿನ ಪುಡಿ, 4 ಚೆಸ್ಟೂನ್ ಕಾರ್ನ್, 4 ಚೆಸ್ಟೂನ್ ಗರಂ ಮಸಾಲ ಪುಡಿ, 1 ಚೆಸ್ಟೂನ್ ಶುಂಠಿ ಬೆಳ್ಳುಳ್ಳಿ ಪೇಸ್ಟ್ ಮತ್ತು 1 ಚೆಸ್ಟೂನ್ ಉಪ್ಪು ಸೇರಿಸಿ.
ಕೆಲವು ಕೊತ್ತಂಬರಿ ಎಲೆಗಳನ್ನು ಸೇರಿಸಿ. 2 ಚಮಚ ನೀರು, ಗೋಬಿ ಮಿಶ್ರಣದಿಂದ ಲೇಪಿಸಿ.
ಚೆನ್ನಾಗಿ ಮಿಶ್ರಣ ಮಾಡಿ ಮತ್ತು 30 ನಿಮಿಷಗಳ ಕಾಲ ಮ್ಯಾರಿನೇಟ್ ಮಾಡಲು ಬಿಡಬೇಕು.
ಕಡಾಯಿ 4 ಕಪ್ ಕಾರ್ನ್ ಫ್ಲೋರ್ ಮತ್ತು 4 ಕಪ್ ಅಕ್ಕಿ ಹಿಟ್ಟು ಸೇರಿಸಿ.
ಕೈಯಿಂದ ಚೆನ್ನಾಗಿ ಬೆರೆಸಿ, ಎಣ್ಣೆಯಲ್ಲಿ ಹಾಕಿ ಉಪ್ಪು ಸೇರಿಸಿ. ಸಾಂದರ್ಭಿಕ ಶಕ್ತಿಗಳಾದಂತೆ ಬಿಸಿ ಎಣ್ಣೆಯಲ್ಲಿ ಹಾಕಿ.
ಗೋಬಿ ಗರಿಗರಿಯಾದ ಮತ್ತು ಚಿನ್ನದ ಬಣ್ಣಕ್ಕೆ ತಿರುಗಿದ ನಂತರ ಅಡುಗೆ ಕಾರಣದ ಮೇಲೆ ಹಾಕಿ.
ಒಗ್ಗರಣೆ ತಯಾರಿಸಲು, 3 ಚೆಸ್ಟೂನ್ ಎಣ್ಣೆ, ಹಾಕಿ ಬಿಸಿಯಾದ ಮೇಲೆ ಬೆಳ್ಳುಳ್ಳಿ, 2 ಒಣಗಿದ ಕೆಂಪು ಮೆಣಸಿನಕಾಯಿ, 1 ಇಂಚು ಶುಂಠಿ ಹಾಕಿ ಹುರಿಯಿರಿ.
ಬೆಳ್ಳುಳ್ಳಿ, 2 ಒಣಗಿದ ಕೆಂಪು ಮೆಣಸಿನಕಾಯಿಗಳು ಮತ್ತು ಕರಿಬೇವಿನ ಎಲೆಗಳನ್ನು ಸೇರಿಸಿ ಹುರಿಯಿರಿ.
ಕೊನೆಯಲ್ಲಿ, ಓಮಿ ಮತ್ತು 1 ಚೆಸ್ಟೂನ್ ಮೊಸರು, ಉಪ್ಪು ಸೇರಿಸಿ ಮತ್ತು ಸುಮಾರು 2 ನಿಮಿಷಗಳ ಕಾಲ ಬೇಯಿಸಿ. ಕೊತ್ತಂಬರಿ ಸೊಪ್ಪು ಸೇರಿಸಿ ಬಿಸಿ ಗೋಬಿ ಪ್ರೈ 65 ಅನ್ನು ಬಡಿಸಿ.
ಈಗ ರುಚಿಕರವಾದ, ಗರಿಗರಿಯಾದ ಗೋಬಿ ಪ್ರೈ 65 ಸಿದ್ಧವಾಗಿದೆ. ಇದನ್ನು ಬಿಸಿಯಾಗಿ ಬಡಿಸಿ.
|
